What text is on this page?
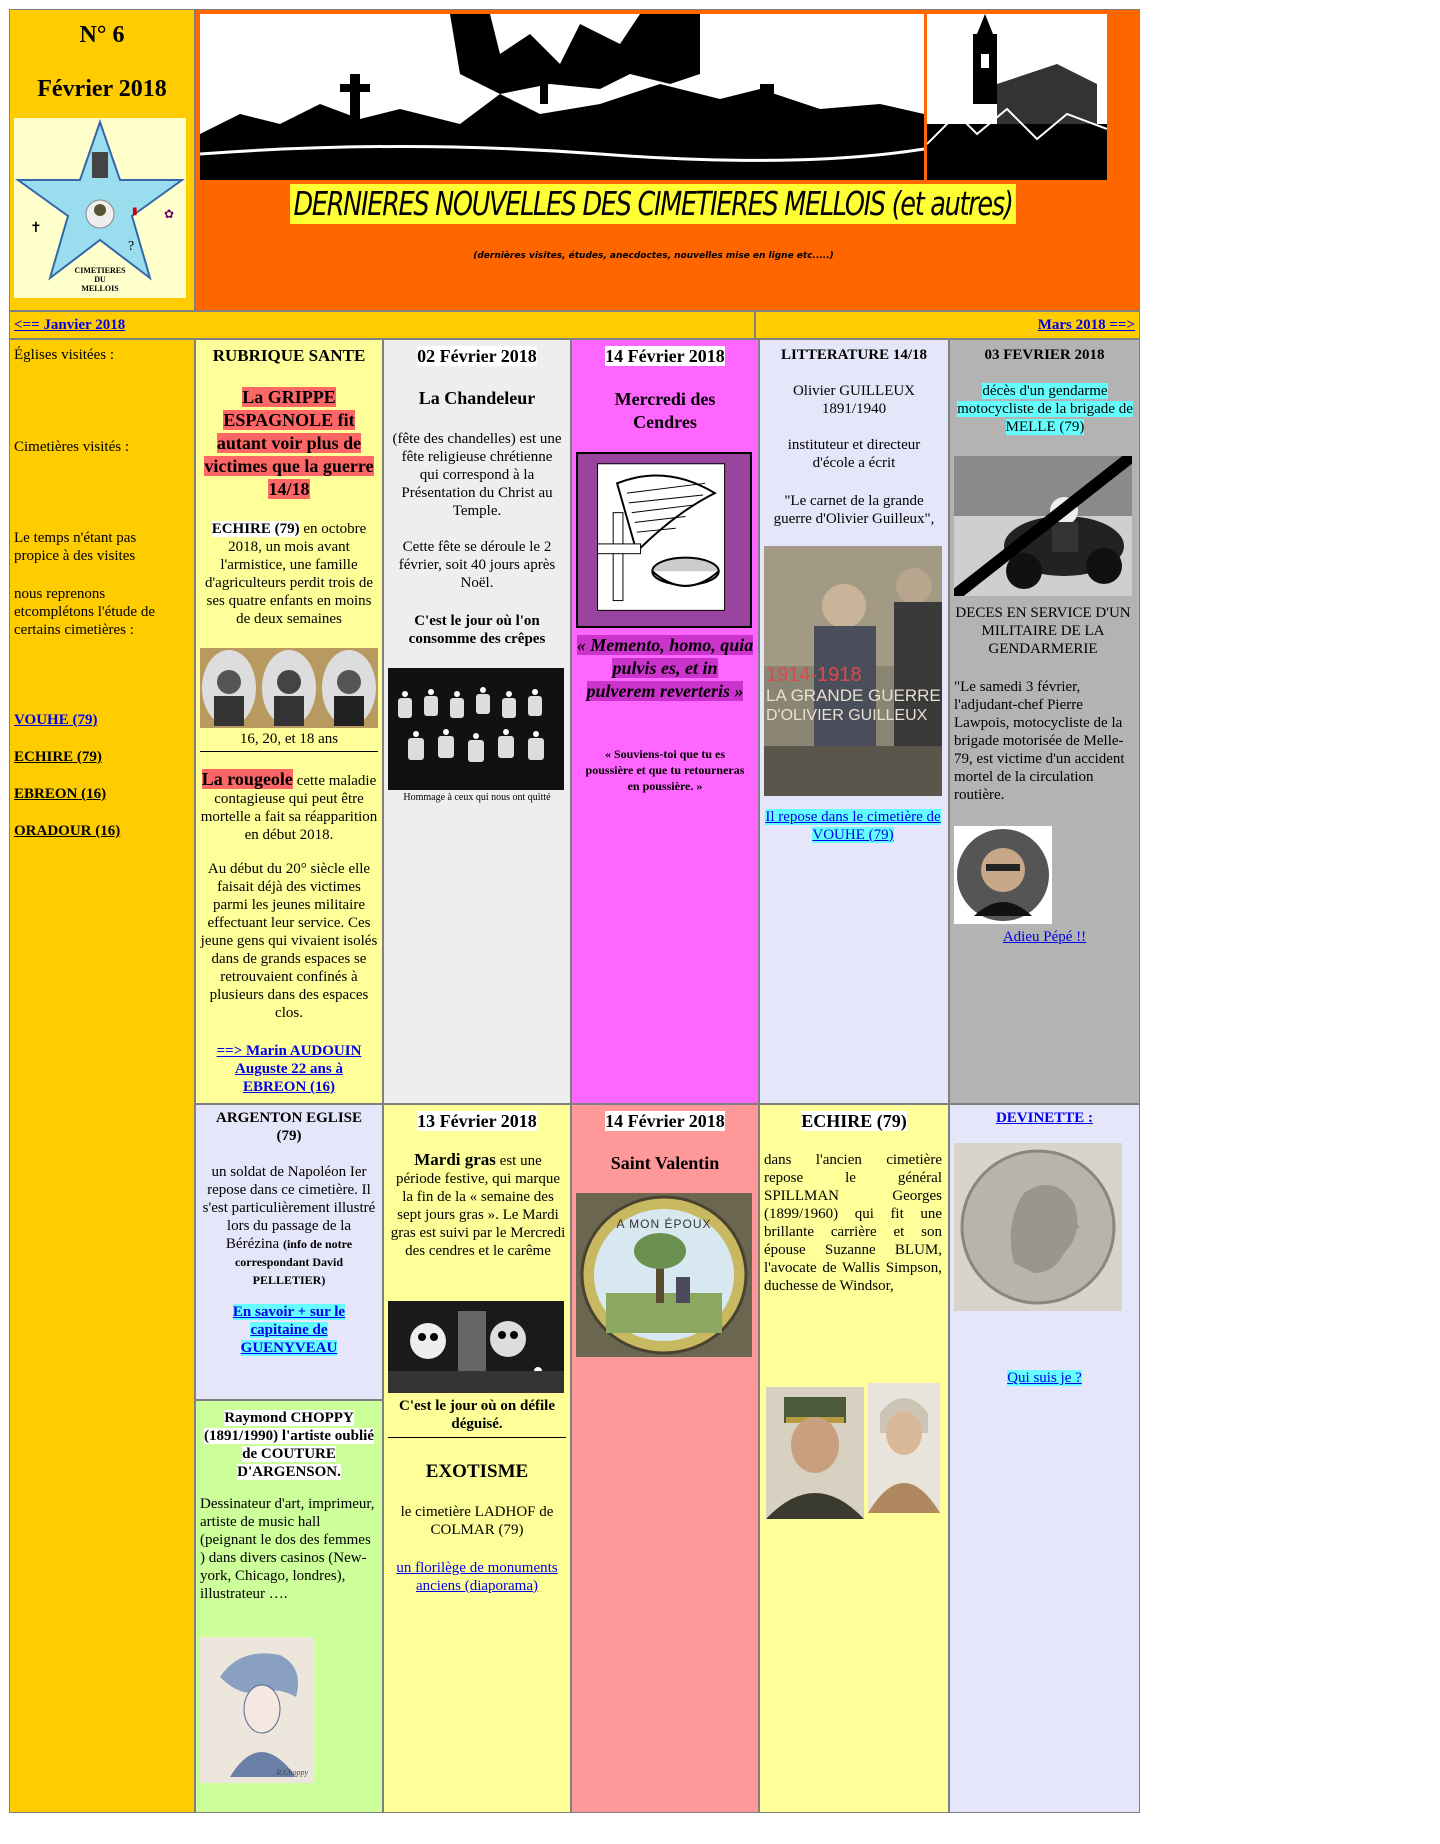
N° 6
Février 2018
✝
▮
?
✿
CIMETIERES
DU
MELLOIS
DERNIERES NOUVELLES DES CIMETIERES MELLOIS (et autres)
(dernières visites, études, anecdoctes, nouvelles mise en ligne etc.....)
<== Janvier 2018	Mars 2018 ==>
Églises visitées :
Cimetières visités :
Le temps n'étant pas propice à des visites
nous reprenons etcomplétons l'étude de certains cimetières :
VOUHE (79)
ECHIRE (79)
EBREON (16)
ORADOUR (16)
RUBRIQUE SANTE
La GRIPPE ESPAGNOLE fit autant voir plus de victimes que la guerre 14/18
ECHIRE (79) en octobre 2018, un mois avant l'armistice, une famille d'agriculteurs perdit trois de ses quatre enfants en moins de deux semaines
16, 20, et 18 ans
La rougeole cette maladie contagieuse qui peut être mortelle a fait sa réapparition en début 2018.
Au début du 20° siècle elle faisait déjà des victimes parmi les jeunes militaire effectuant leur service. Ces jeune gens qui vivaient isolés dans de grands espaces se retrouvaient confinés à plusieurs dans des espaces clos.
==> Marin AUDOUIN Auguste 22 ans à EBREON (16)
02 Février 2018
La Chandeleur
(fête des chandelles) est une fête religieuse chrétienne qui correspond à la Présentation du Christ au Temple.
Cette fête se déroule le 2 février, soit 40 jours après Noël.
C'est le jour où l'on consomme des crêpes
Hommage à ceux qui nous ont quitté
14 Février 2018
Mercredi des Cendres
« Memento, homo, quia pulvis es, et in pulverem reverteris »
« Souviens-toi que tu es poussière et que tu retourneras en poussière. »
LITTERATURE 14/18
Olivier GUILLEUX
1891/1940
instituteur et directeur d'école a écrit
"Le carnet de la grande guerre d'Olivier Guilleux",
1914-1918
LA GRANDE GUERRE
D'OLIVIER GUILLEUX
Il repose dans le cimetière de VOUHE (79)
03 FEVRIER 2018
décès d'un gendarme motocycliste de la brigade de MELLE (79)
DECES EN SERVICE D'UN MILITAIRE DE LA GENDARMERIE
"Le samedi 3 février, l'adjudant-chef Pierre Lawpois, motocycliste de la brigade motorisée de Melle-79, est victime d'un accident mortel de la circulation routière.
Adieu Pépé !!
ARGENTON EGLISE (79)
un soldat de Napoléon Ier repose dans ce cimetière. Il s'est particulièrement illustré lors du passage de la Bérézina (info de notre correspondant David PELLETIER)
En savoir + sur le capitaine de GUENYVEAU
Raymond CHOPPY (1891/1990) l'artiste oublié de COUTURE D'ARGENSON.
Dessinateur d'art, imprimeur, artiste de music hall (peignant le dos des femmes ) dans divers casinos (New-york, Chicago, londres), illustrateur ….
R.Choppy
13 Février 2018
Mardi gras est une période festive, qui marque la fin de la « semaine des sept jours gras ». Le Mardi gras est suivi par le Mercredi des cendres et le carême
C'est le jour où on défile déguisé.
EXOTISME
le cimetière LADHOF de COLMAR (79)
un florilège de monuments anciens (diaporama)
14 Février 2018
Saint Valentin
A MON ÉPOUX
ECHIRE (79)
dans l'ancien cimetière repose le général SPILLMAN Georges (1899/1960) qui fit une brillante carrière et son épouse Suzanne BLUM, l'avocate de Wallis Simpson, duchesse de Windsor,
DEVINETTE :
Qui suis je ?
